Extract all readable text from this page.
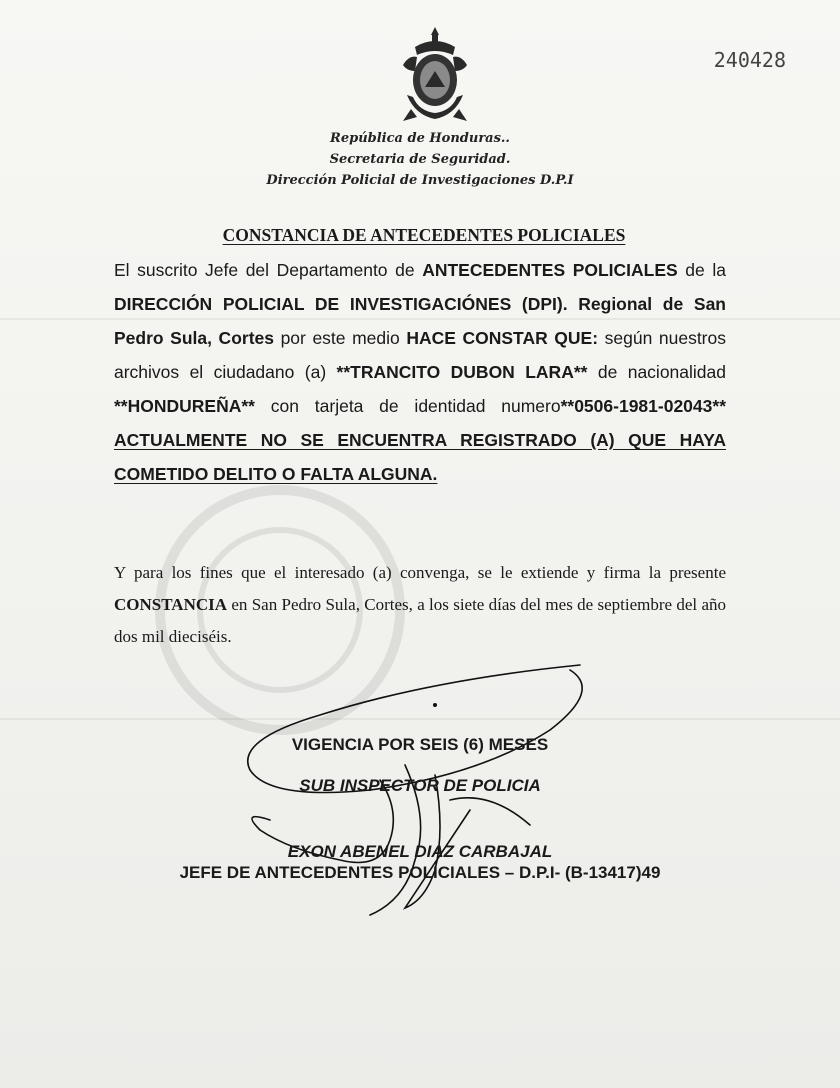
240428
República de Honduras..
Secretaria de Seguridad.
Dirección Policial de Investigaciones D.P.I
CONSTANCIA DE ANTECEDENTES POLICIALES
El suscrito Jefe del Departamento de ANTECEDENTES POLICIALES de la DIRECCIÓN POLICIAL DE INVESTIGACIÓNES (DPI). Regional de San Pedro Sula, Cortes por este medio HACE CONSTAR QUE: según nuestros archivos el ciudadano (a) **TRANCITO DUBON LARA** de nacionalidad **HONDUREÑA** con tarjeta de identidad numero**0506-1981-02043** ACTUALMENTE NO SE ENCUENTRA REGISTRADO (A) QUE HAYA COMETIDO DELITO O FALTA ALGUNA.
Y para los fines que el interesado (a) convenga, se le extiende y firma la presente CONSTANCIA en San Pedro Sula, Cortes, a los siete días del mes de septiembre del año dos mil dieciséis.
VIGENCIA POR SEIS (6) MESES
SUB INSPECTOR DE POLICIA
EXON ABENEL DIAZ CARBAJAL
JEFE DE ANTECEDENTES POLICIALES – D.P.I- (B-13417)49
